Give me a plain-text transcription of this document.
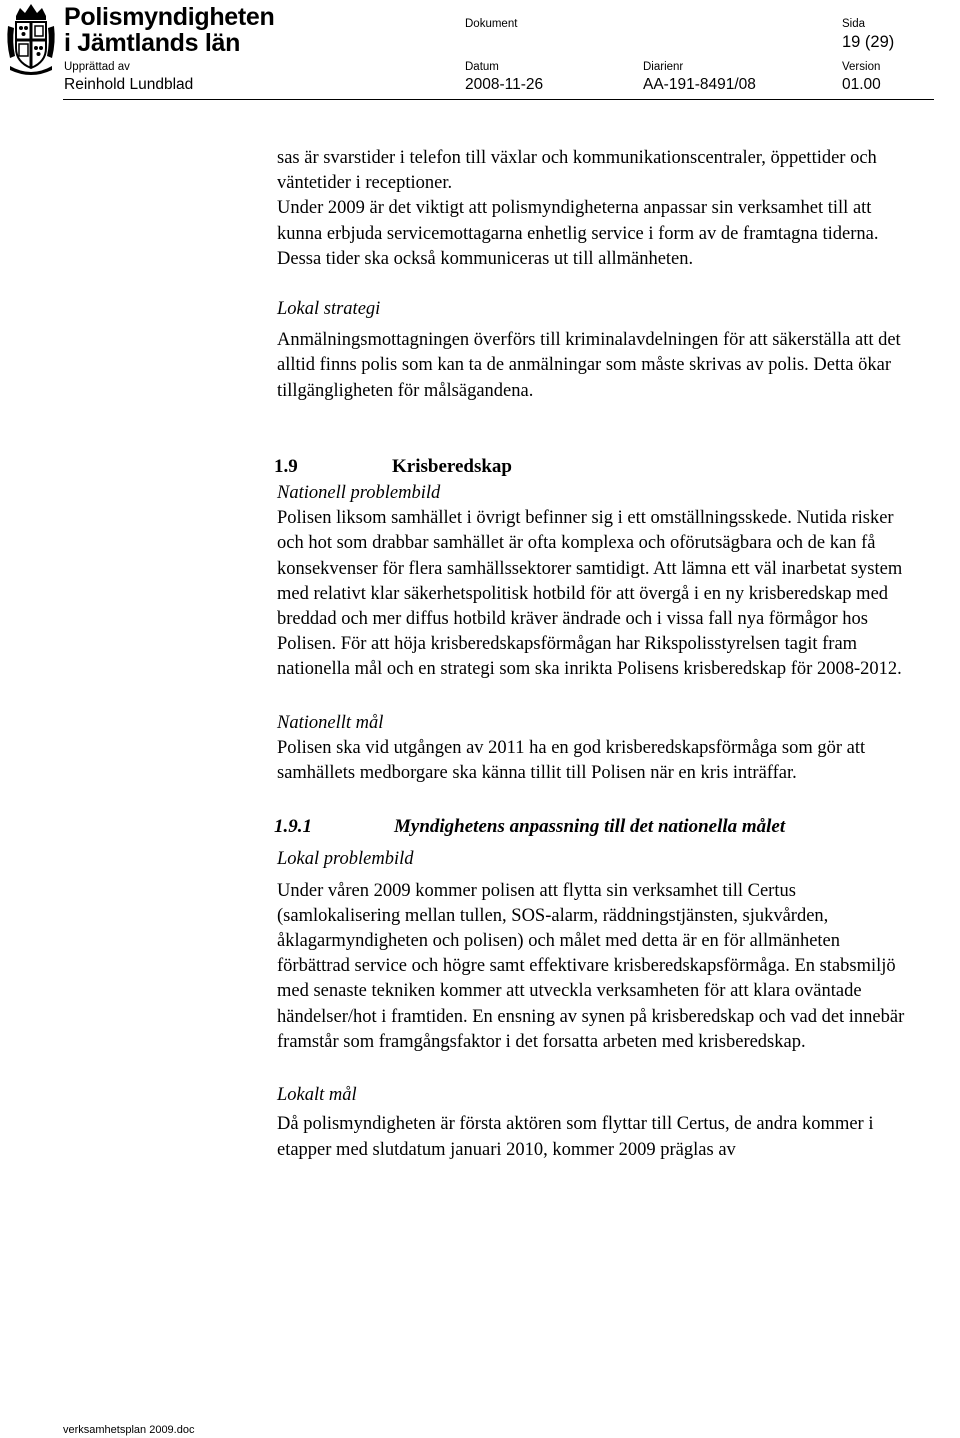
Polismyndigheten
i Jämtlands län
Dokument	Sida
19 (29)
Upprättad av
Reinhold Lundblad
Datum
2008-11-26
Diarienr
AA-191-8491/08
Version
01.00

sas är svarstider i telefon till växlar och kommunikationscentraler, öppettider och väntetider i receptioner.

Under 2009 är det viktigt att polismyndigheterna anpassar sin verksamhet till att kunna erbjuda servicemottagarna enhetlig service i form av de framtagna tiderna. Dessa tider ska också kommuniceras ut till allmänheten.

Lokal strategi

Anmälningsmottagningen överförs till kriminalavdelningen för att säkerställa att det alltid finns polis som kan ta de anmälningar som måste skrivas av polis. Detta ökar tillgängligheten för målsägandena.

1.9	Krisberedskap

Nationell problembild

Polisen liksom samhället i övrigt befinner sig i ett omställningsskede. Nutida risker och hot som drabbar samhället är ofta komplexa och oförutsägbara och de kan få konsekvenser för flera samhällssektorer samtidigt. Att lämna ett väl inarbetat system med relativt klar säkerhetspolitisk hotbild för att övergå i en ny krisberedskap med breddad och mer diffus hotbild kräver ändrade och i vissa fall nya förmågor hos Polisen. För att höja krisberedskapsförmågan har Rikspolisstyrelsen tagit fram nationella mål och en strategi som ska inrikta Polisens krisberedskap för 2008-2012.

Nationellt mål

Polisen ska vid utgången av 2011 ha en god krisberedskapsförmåga som gör att samhällets medborgare ska känna tillit till Polisen när en kris inträffar.

1.9.1	Myndighetens anpassning till det nationella målet

Lokal problembild

Under våren 2009 kommer polisen att flytta sin verksamhet till Certus (samlokalisering mellan tullen, SOS-alarm, räddningstjänsten, sjukvården, åklagarmyndigheten och polisen) och målet med detta är en för allmänheten förbättrad service och högre samt effektivare krisberedskapsförmåga. En stabsmiljö med senaste tekniken kommer att utveckla verksamheten för att klara oväntade händelser/hot i framtiden. En ensning av synen på krisberedskap och vad det innebär framstår som framgångsfaktor i det forsatta arbeten med krisberedskap.

Lokalt mål

Då polismyndigheten är första aktören som flyttar till Certus, de andra kommer i etapper med slutdatum januari 2010, kommer 2009 präglas av

verksamhetsplan 2009.doc
